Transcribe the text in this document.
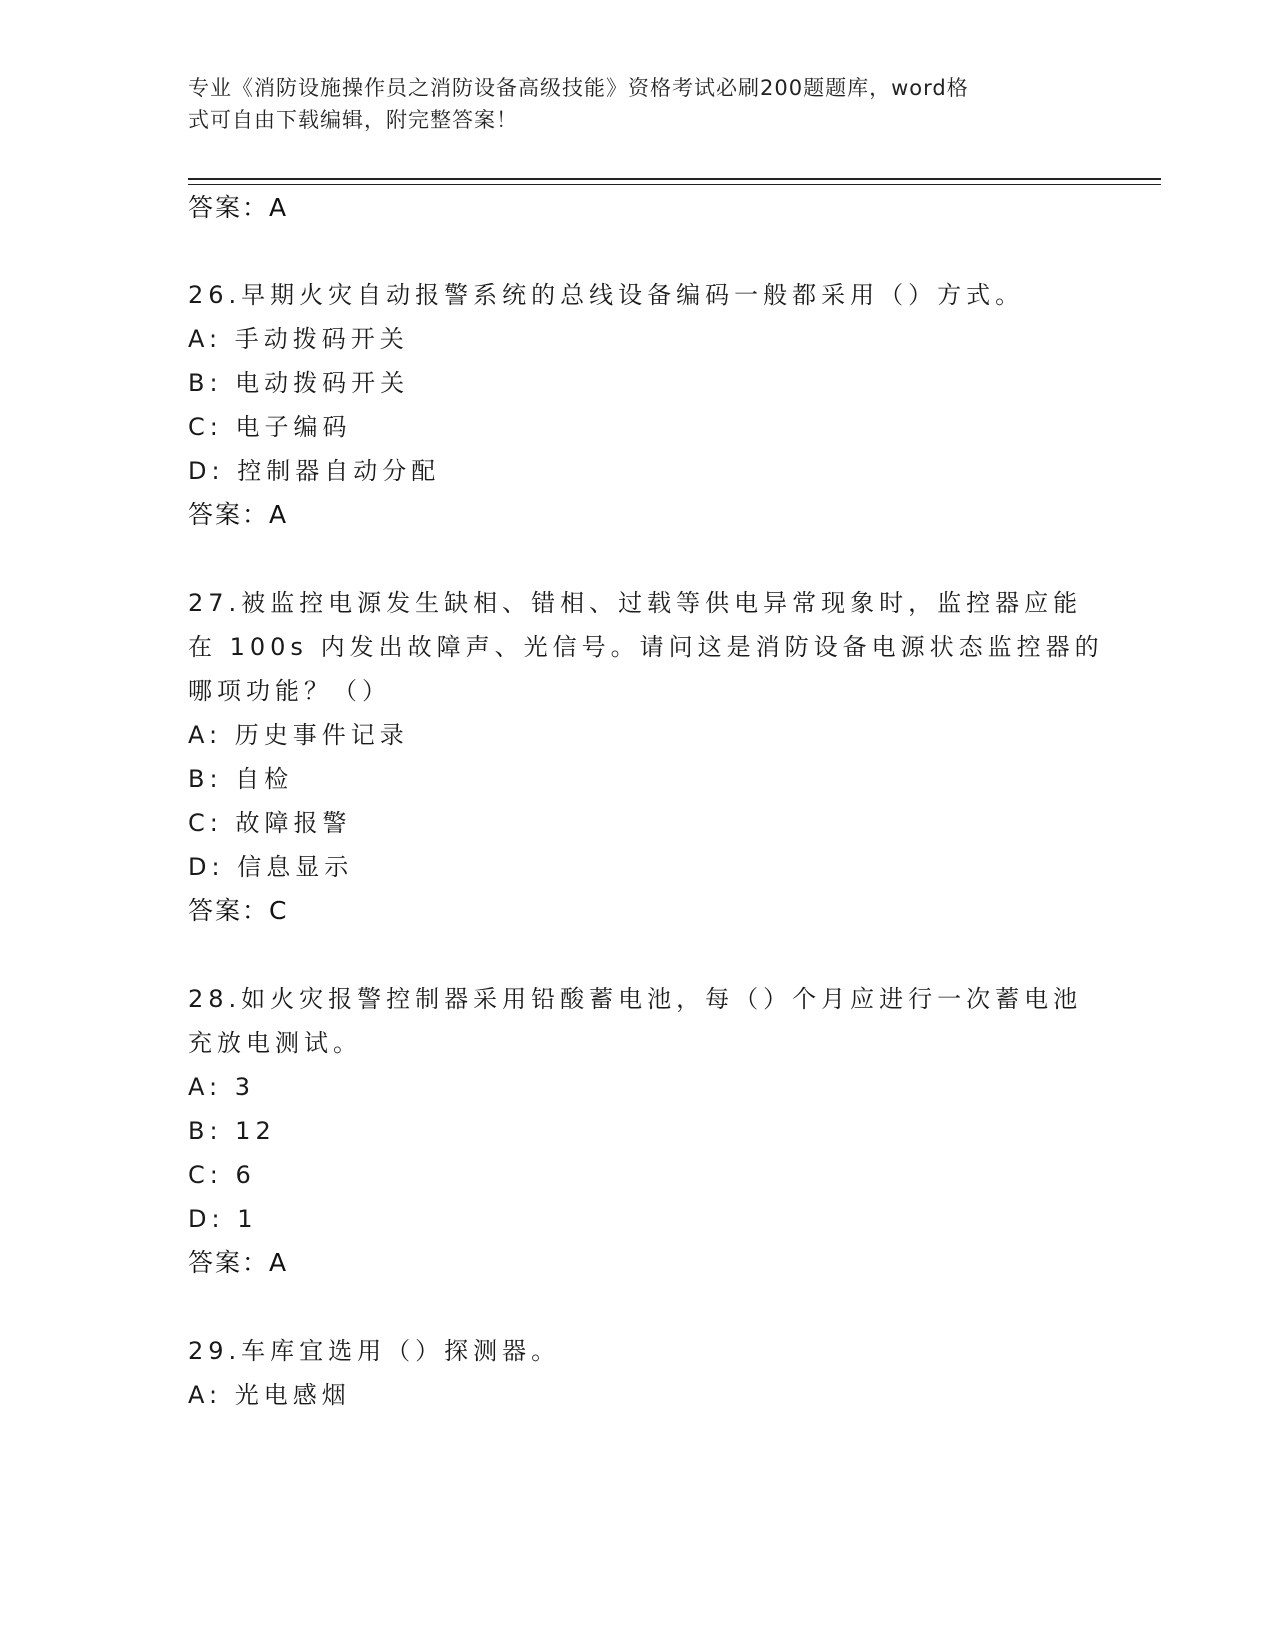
专业《消防设施操作员之消防设备高级技能》资格考试必刷200题题库，word格
式可自由下载编辑，附完整答案！
答案：A
26.早期火灾自动报警系统的总线设备编码一般都采用（）方式。
A: 手动拨码开关
B: 电动拨码开关
C: 电子编码
D: 控制器自动分配
答案：A
27.被监控电源发生缺相、错相、过载等供电异常现象时，监控器应能
在 100s 内发出故障声、光信号。请问这是消防设备电源状态监控器的
哪项功能？（）
A: 历史事件记录
B: 自检
C: 故障报警
D: 信息显示
答案：C
28.如火灾报警控制器采用铅酸蓄电池，每（）个月应进行一次蓄电池
充放电测试。
A: 3
B: 12
C: 6
D: 1
答案：A
29.车库宜选用（）探测器。
A: 光电感烟
